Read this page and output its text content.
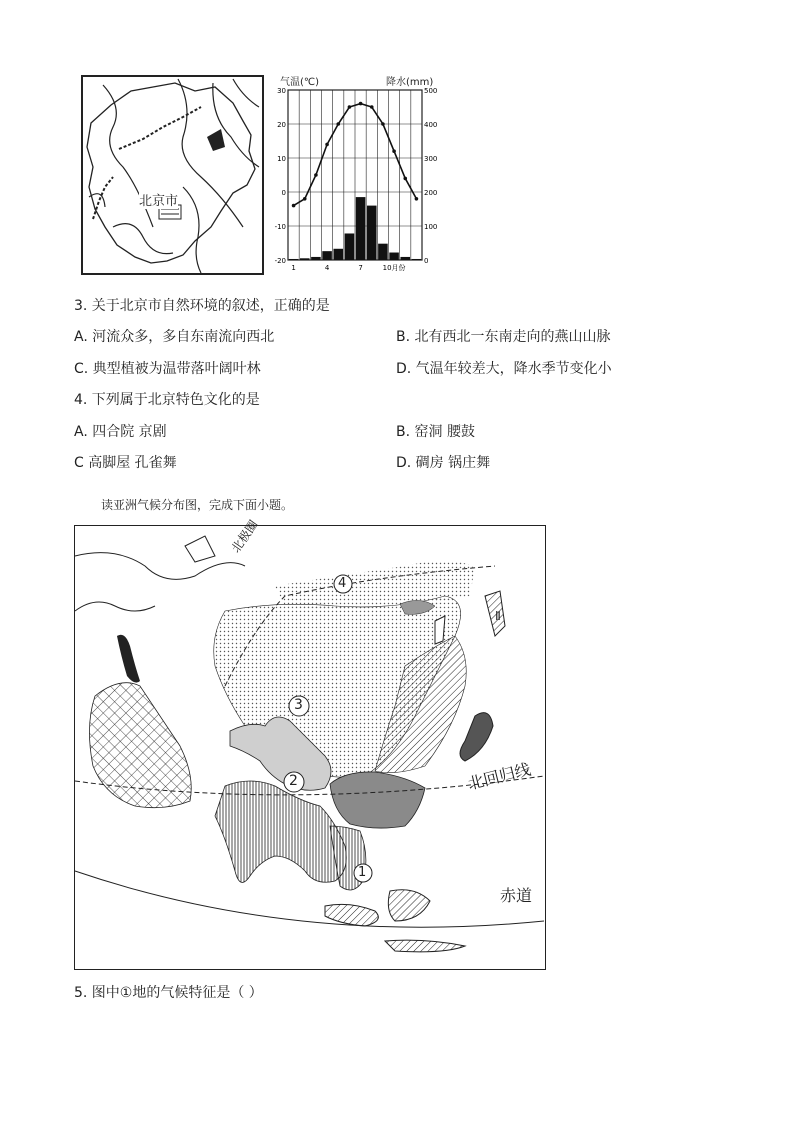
北京市
气温(℃)	降水(mm)
30
20
10
0
-10
-20
500
400
300
200
100
0
1	4	7	10月份
3. 关于北京市自然环境的叙述，正确的是
A. 河流众多，多自东南流向西北	B. 北有西北一东南走向的燕山山脉
C. 典型植被为温带落叶阔叶林	D. 气温年较差大，降水季节变化小
4. 下列属于北京特色文化的是
A. 四合院 京剧	B. 窑洞 腰鼓
C 高脚屋 孔雀舞	D. 碉房 锅庄舞
读亚洲气候分布图，完成下面小题。
北极圈
北回归线
赤道
Ⅱ
4
3
2
1
5. 图中①地的气候特征是（ ）
